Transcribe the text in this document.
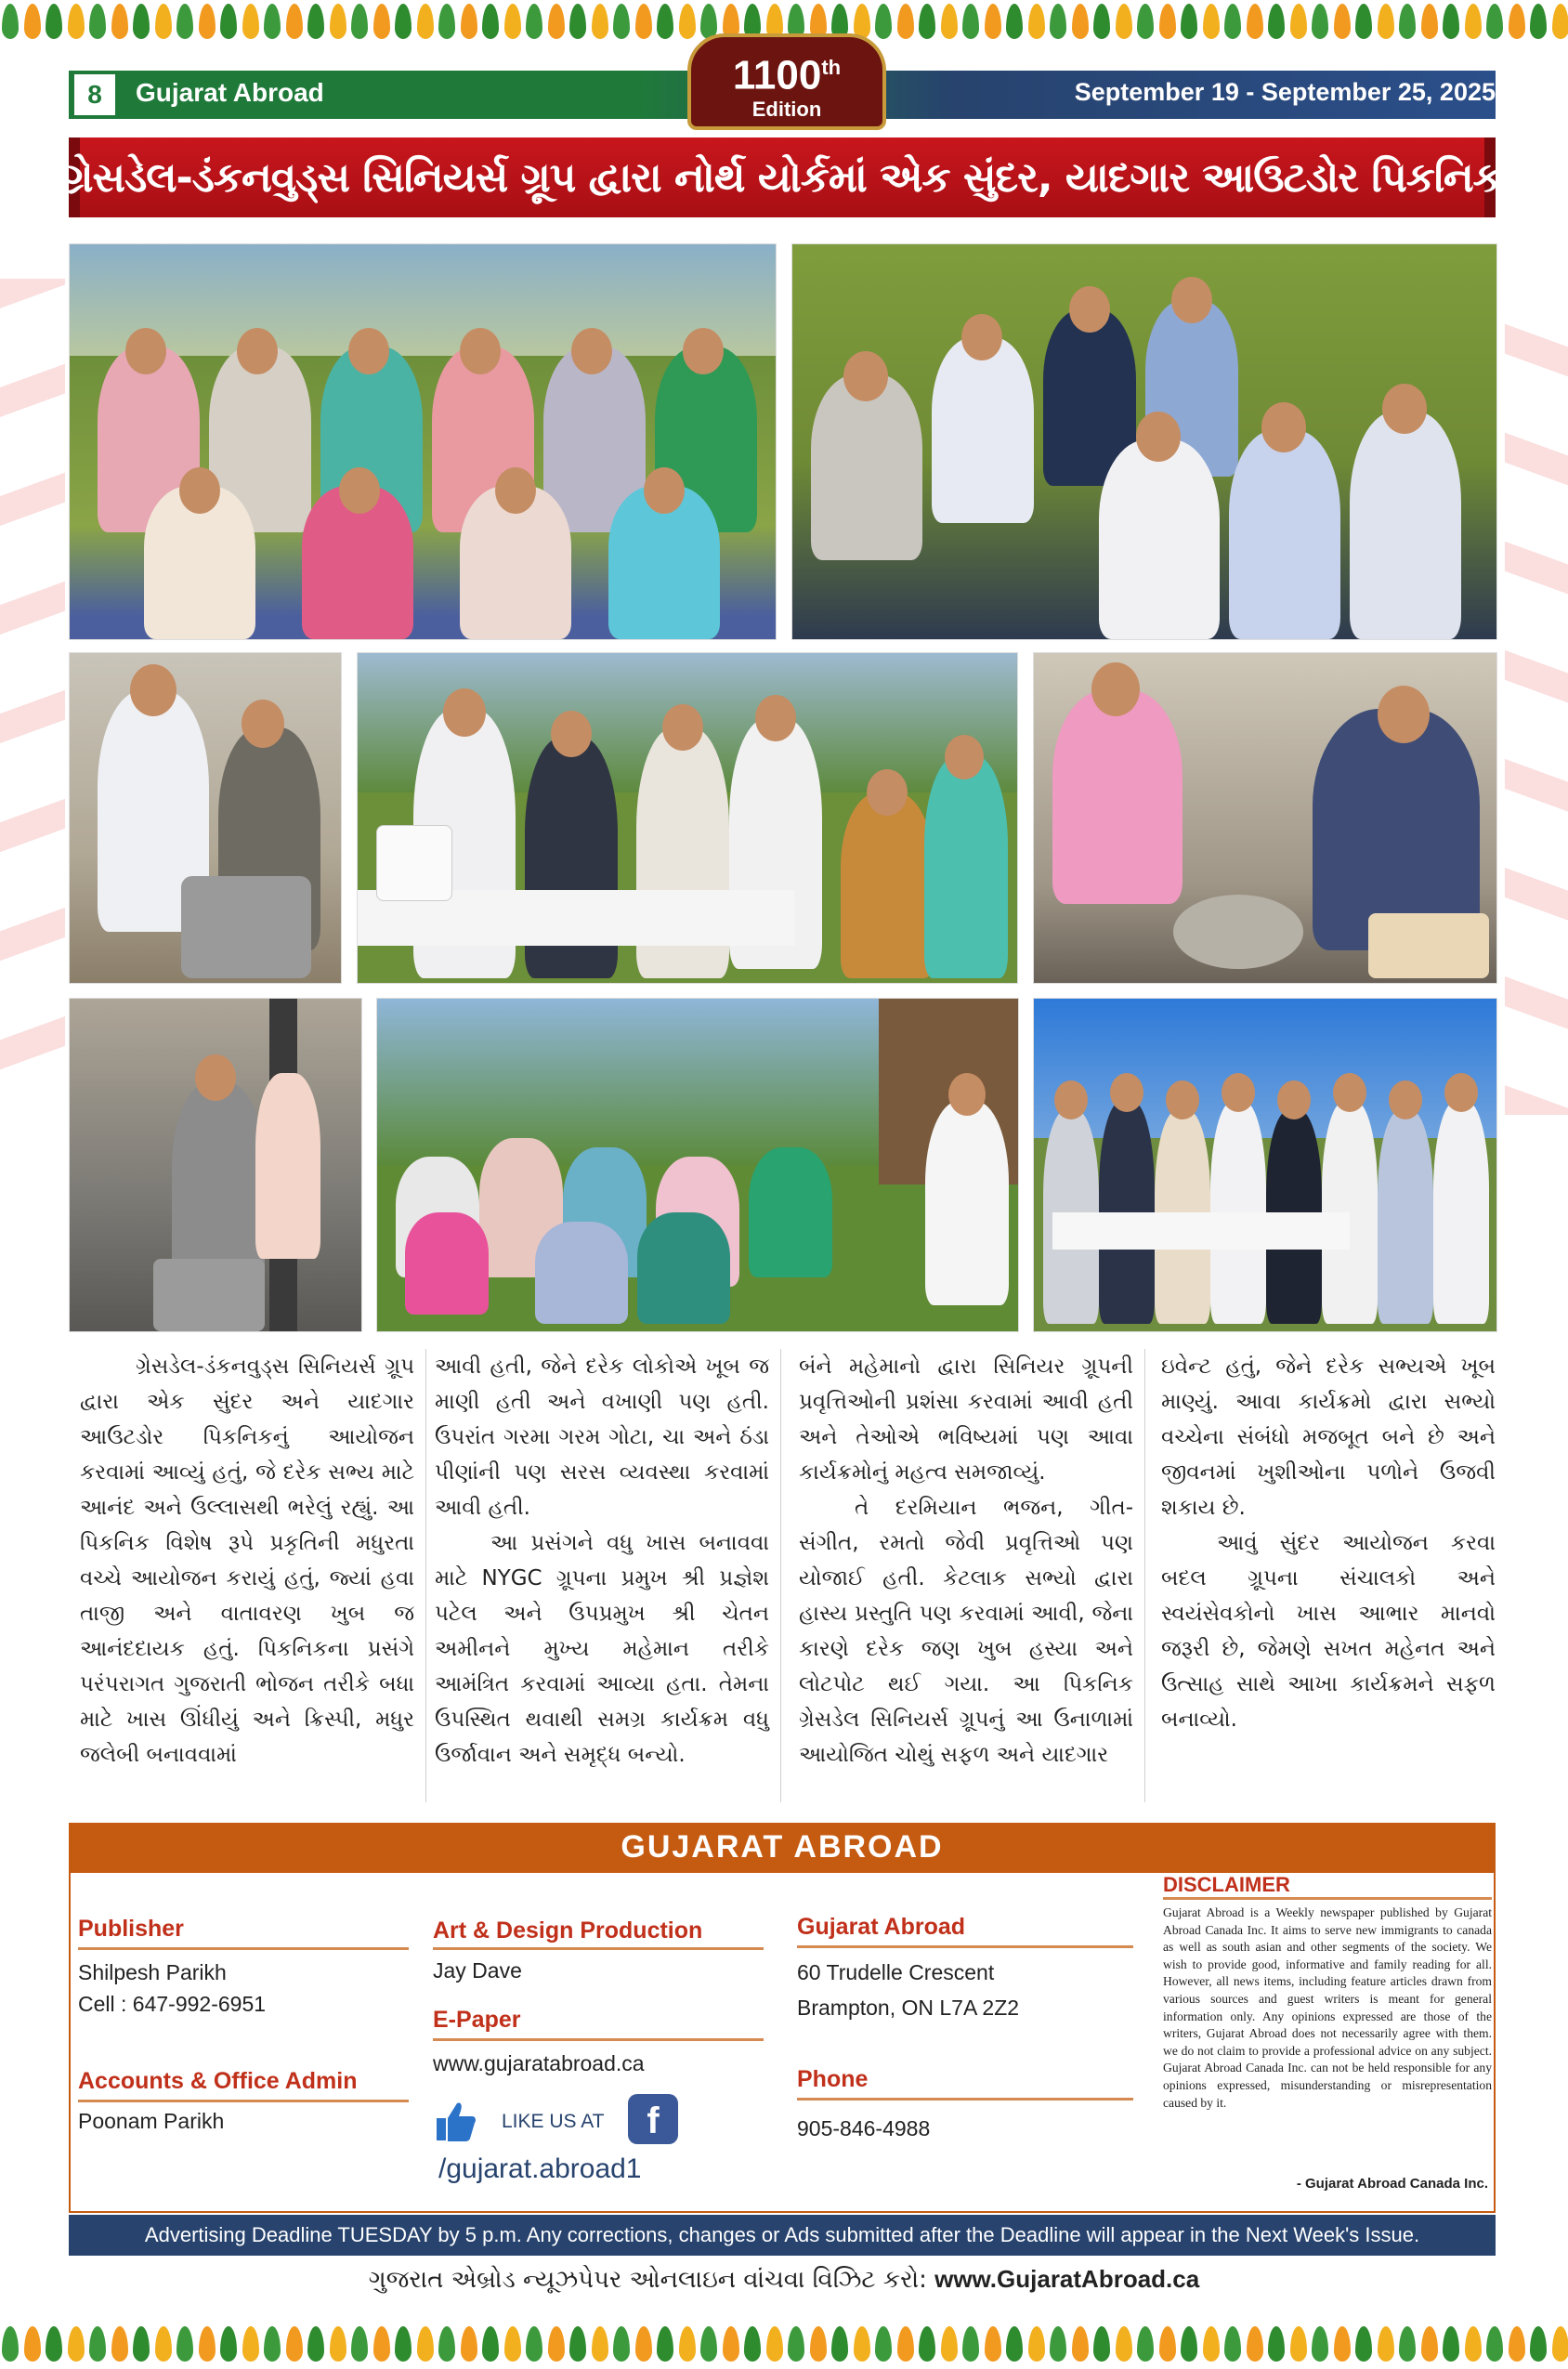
8	Gujarat Abroad	September 19 - September 25, 2025
1100th
Edition
ગ્રેસડેલ-ડંકનવુડ્સ સિનિયર્સ ગ્રૂપ દ્વારા નોર્થ યોર્કમાં એક સુંદર, યાદગાર આઉટડોર પિકનિક

ગ્રેસડેલ-ડંકનવુડ્સ સિનિયર્સ ગ્રૂપ દ્વારા એક સુંદર અને યાદગાર આઉટડોર પિકનિકનું આયોજન કરવામાં આવ્યું હતું, જે દરેક સભ્ય માટે આનંદ અને ઉલ્લાસથી ભરેલું રહ્યું. આ પિકનિક વિશેષ રૂપે પ્રકૃતિની મધુરતા વચ્ચે આયોજન કરાયું હતું, જ્યાં હવા તાજી અને વાતાવરણ ખુબ જ આનંદદાયક હતું. પિકનિકના પ્રસંગે પરંપરાગત ગુજરાતી ભોજન તરીકે બધા માટે ખાસ ઊંધીયું અને ક્રિસ્પી, મધુર જલેબી બનાવવામાં

આવી હતી, જેને દરેક લોકોએ ખૂબ જ માણી હતી અને વખાણી પણ હતી. ઉપરાંત ગરમા ગરમ ગોટા, ચા અને ઠંડા પીણાંની પણ સરસ વ્યવસ્થા કરવામાં આવી હતી.

આ પ્રસંગને વધુ ખાસ બનાવવા માટે NYGC ગ્રૂપના પ્રમુખ શ્રી પ્રજ્ઞેશ પટેલ અને ઉપપ્રમુખ શ્રી ચેતન અમીનને મુખ્ય મહેમાન તરીકે આમંત્રિત કરવામાં આવ્યા હતા. તેમના ઉપસ્થિત થવાથી સમગ્ર કાર્યક્રમ વધુ ઉર્જાવાન અને સમૃદ્ધ બન્યો.

બંને મહેમાનો દ્વારા સિનિયર ગ્રૂપની પ્રવૃત્તિઓની પ્રશંસા કરવામાં આવી હતી અને તેઓએ ભવિષ્યમાં પણ આવા કાર્યક્રમોનું મહત્વ સમજાવ્યું.

તે દરમિયાન ભજન, ગીત-સંગીત, રમતો જેવી પ્રવૃત્તિઓ પણ યોજાઈ હતી. કેટલાક સભ્યો દ્વારા હાસ્ય પ્રસ્તુતિ પણ કરવામાં આવી, જેના કારણે દરેક જણ ખુબ હસ્યા અને લોટપોટ થઈ ગયા. આ પિકનિક ગ્રેસડેલ સિનિયર્સ ગ્રૂપનું આ ઉનાળામાં આયોજિત ચોથું સફળ અને યાદગાર

ઇવેન્ટ હતું, જેને દરેક સભ્યએ ખૂબ માણ્યું. આવા કાર્યક્રમો દ્વારા સભ્યો વચ્ચેના સંબંધો મજબૂત બને છે અને જીવનમાં ખુશીઓના પળોને ઉજવી શકાય છે.

આવું સુંદર આયોજન કરવા બદલ ગ્રૂપના સંચાલકો અને સ્વયંસેવકોનો ખાસ આભાર માનવો જરૂરી છે, જેમણે સખત મહેનત અને ઉત્સાહ સાથે આખા કાર્યક્રમને સફળ બનાવ્યો.

GUJARAT ABROAD
Publisher
Shilpesh Parikh
Cell : 647-992-6951
Accounts & Office Admin
Poonam Parikh
Art & Design Production
Jay Dave
E-Paper
www.gujaratabroad.ca
LIKE US AT	f
/gujarat.abroad1
Gujarat Abroad
60 Trudelle Crescent
Brampton, ON L7A 2Z2
Phone
905-846-4988
DISCLAIMER
Gujarat Abroad is a Weekly newspaper published by Gujarat Abroad Canada Inc. It aims to serve new immigrants to canada as well as south asian and other segments of the society. We wish to provide good, informative and family reading for all. However, all news items, including feature articles drawn from various sources and guest writers is meant for general information only. Any opinions expressed are those of the writers, Gujarat Abroad does not necessarily agree with them. we do not claim to provide a professional advice on any subject. Gujarat Abroad Canada Inc. can not be held responsible for any opinions expressed, misunderstanding or misrepresentation caused by it.
- Gujarat Abroad Canada Inc.
Advertising Deadline TUESDAY by 5 p.m. Any corrections, changes or Ads submitted after the Deadline will appear in the Next Week's Issue.
ગુજરાત એબ્રોડ ન્યૂઝપેપર ઓનલાઇન વાંચવા વિઝિટ કરો: www.GujaratAbroad.ca
